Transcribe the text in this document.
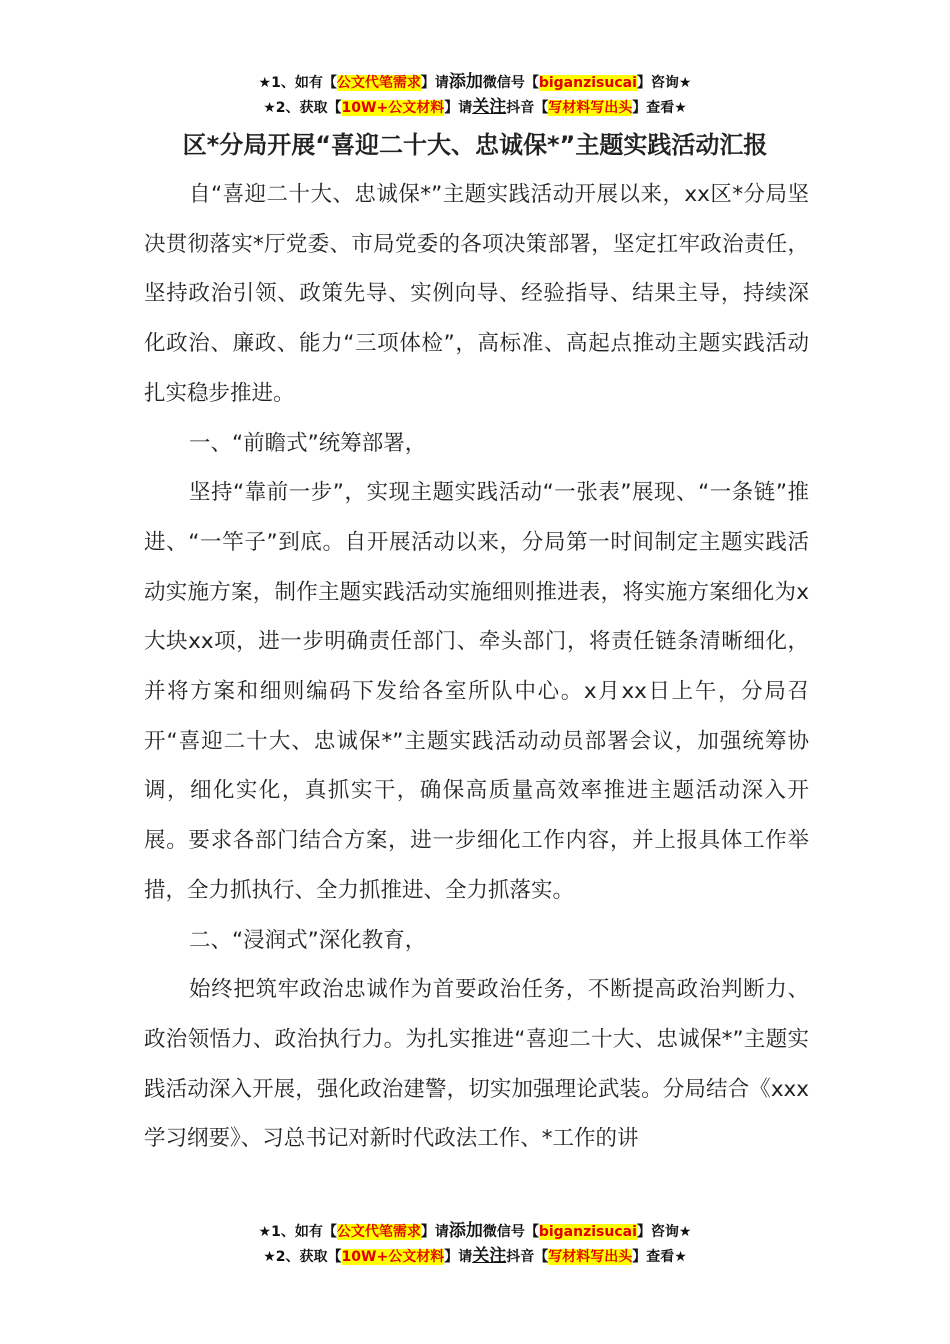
★1、如有【公文代笔需求】请添加微信号【biganzisucai】咨询★
★2、获取【10W+公文材料】请关注抖音【写材料写出头】查看★
区*分局开展“喜迎二十大、忠诚保*”主题实践活动汇报

自“喜迎二十大、忠诚保*”主题实践活动开展以来，xx区*分局坚决贯彻落实*厅党委、市局党委的各项决策部署，坚定扛牢政治责任，坚持政治引领、政策先导、实例向导、经验指导、结果主导，持续深化政治、廉政、能力“三项体检”，高标准、高起点推动主题实践活动扎实稳步推进。

一、“前瞻式”统筹部署，

坚持“靠前一步”，实现主题实践活动“一张表”展现、“一条链”推进、“一竿子”到底。自开展活动以来，分局第一时间制定主题实践活动实施方案，制作主题实践活动实施细则推进表，将实施方案细化为x大块xx项，进一步明确责任部门、牵头部门，将责任链条清晰细化，并将方案和细则编码下发给各室所队中心。x月xx日上午，分局召开“喜迎二十大、忠诚保*”主题实践活动动员部署会议，加强统筹协调，细化实化，真抓实干，确保高质量高效率推进主题活动深入开展。要求各部门结合方案，进一步细化工作内容，并上报具体工作举措，全力抓执行、全力抓推进、全力抓落实。

二、“浸润式”深化教育，

始终把筑牢政治忠诚作为首要政治任务，不断提高政治判断力、政治领悟力、政治执行力。为扎实推进“喜迎二十大、忠诚保*”主题实践活动深入开展，强化政治建警，切实加强理论武装。分局结合《xxx学习纲要》、习总书记对新时代政法工作、*工作的讲

★1、如有【公文代笔需求】请添加微信号【biganzisucai】咨询★
★2、获取【10W+公文材料】请关注抖音【写材料写出头】查看★
